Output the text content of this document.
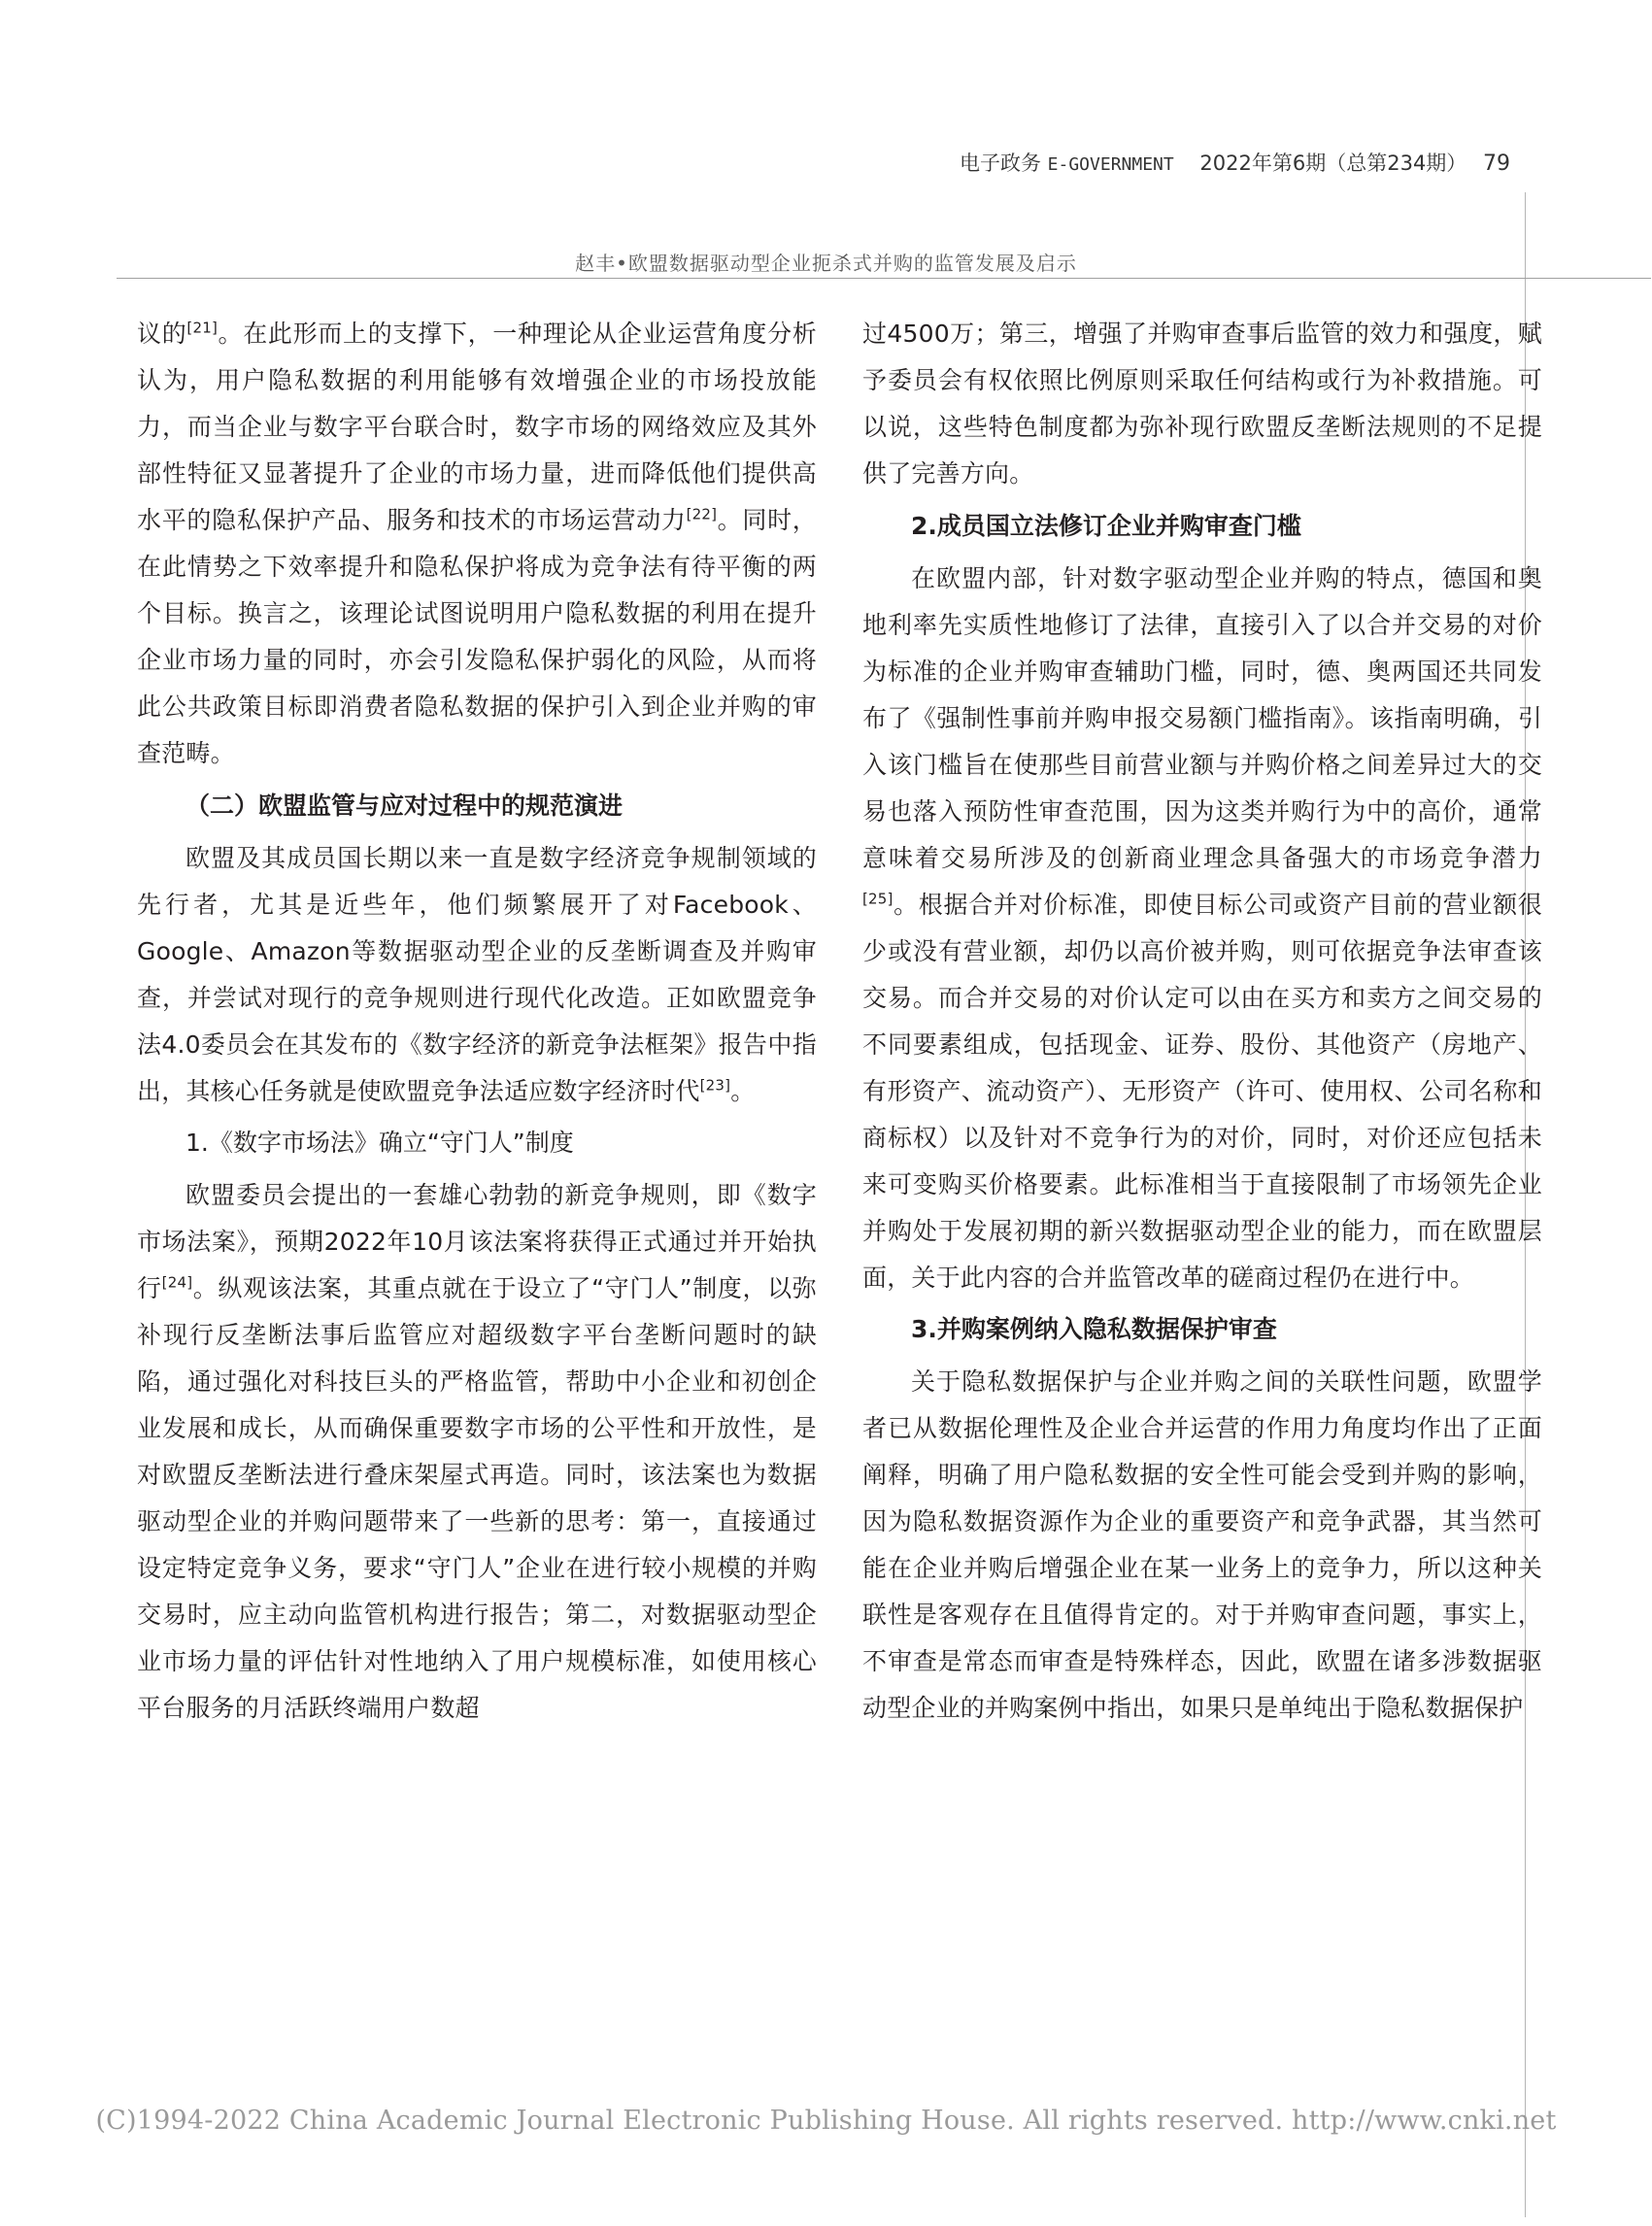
电子政务 E-GOVERNMENT 2022年第6期（总第234期） 79
赵丰•欧盟数据驱动型企业扼杀式并购的监管发展及启示

议的[21]。在此形而上的支撑下，一种理论从企业运营角度分析认为，用户隐私数据的利用能够有效增强企业的市场投放能力，而当企业与数字平台联合时，数字市场的网络效应及其外部性特征又显著提升了企业的市场力量，进而降低他们提供高水平的隐私保护产品、服务和技术的市场运营动力[22]。同时，在此情势之下效率提升和隐私保护将成为竞争法有待平衡的两个目标。换言之，该理论试图说明用户隐私数据的利用在提升企业市场力量的同时，亦会引发隐私保护弱化的风险，从而将此公共政策目标即消费者隐私数据的保护引入到企业并购的审查范畴。

（二）欧盟监管与应对过程中的规范演进

欧盟及其成员国长期以来一直是数字经济竞争规制领域的先行者，尤其是近些年，他们频繁展开了对Facebook、Google、Amazon等数据驱动型企业的反垄断调查及并购审查，并尝试对现行的竞争规则进行现代化改造。正如欧盟竞争法4.0委员会在其发布的《数字经济的新竞争法框架》报告中指出，其核心任务就是使欧盟竞争法适应数字经济时代[23]。

1.《数字市场法》确立“守门人”制度

欧盟委员会提出的一套雄心勃勃的新竞争规则，即《数字市场法案》，预期2022年10月该法案将获得正式通过并开始执行[24]。纵观该法案，其重点就在于设立了“守门人”制度，以弥补现行反垄断法事后监管应对超级数字平台垄断问题时的缺陷，通过强化对科技巨头的严格监管，帮助中小企业和初创企业发展和成长，从而确保重要数字市场的公平性和开放性，是对欧盟反垄断法进行叠床架屋式再造。同时，该法案也为数据驱动型企业的并购问题带来了一些新的思考：第一，直接通过设定特定竞争义务，要求“守门人”企业在进行较小规模的并购交易时，应主动向监管机构进行报告；第二，对数据驱动型企业市场力量的评估针对性地纳入了用户规模标准，如使用核心平台服务的月活跃终端用户数超

过4500万；第三，增强了并购审查事后监管的效力和强度，赋予委员会有权依照比例原则采取任何结构或行为补救措施。可以说，这些特色制度都为弥补现行欧盟反垄断法规则的不足提供了完善方向。

2.成员国立法修订企业并购审查门槛

在欧盟内部，针对数字驱动型企业并购的特点，德国和奥地利率先实质性地修订了法律，直接引入了以合并交易的对价为标准的企业并购审查辅助门槛，同时，德、奥两国还共同发布了《强制性事前并购申报交易额门槛指南》。该指南明确，引入该门槛旨在使那些目前营业额与并购价格之间差异过大的交易也落入预防性审查范围，因为这类并购行为中的高价，通常意味着交易所涉及的创新商业理念具备强大的市场竞争潜力[25]。根据合并对价标准，即使目标公司或资产目前的营业额很少或没有营业额，却仍以高价被并购，则可依据竞争法审查该交易。而合并交易的对价认定可以由在买方和卖方之间交易的不同要素组成，包括现金、证券、股份、其他资产（房地产、有形资产、流动资产）、无形资产（许可、使用权、公司名称和商标权）以及针对不竞争行为的对价，同时，对价还应包括未来可变购买价格要素。此标准相当于直接限制了市场领先企业并购处于发展初期的新兴数据驱动型企业的能力，而在欧盟层面，关于此内容的合并监管改革的磋商过程仍在进行中。

3.并购案例纳入隐私数据保护审查

关于隐私数据保护与企业并购之间的关联性问题，欧盟学者已从数据伦理性及企业合并运营的作用力角度均作出了正面阐释，明确了用户隐私数据的安全性可能会受到并购的影响，因为隐私数据资源作为企业的重要资产和竞争武器，其当然可能在企业并购后增强企业在某一业务上的竞争力，所以这种关联性是客观存在且值得肯定的。对于并购审查问题，事实上，不审查是常态而审查是特殊样态，因此，欧盟在诸多涉数据驱动型企业的并购案例中指出，如果只是单纯出于隐私数据保护

(C)1994-2022 China Academic Journal Electronic Publishing House. All rights reserved. http://www.cnki.net
